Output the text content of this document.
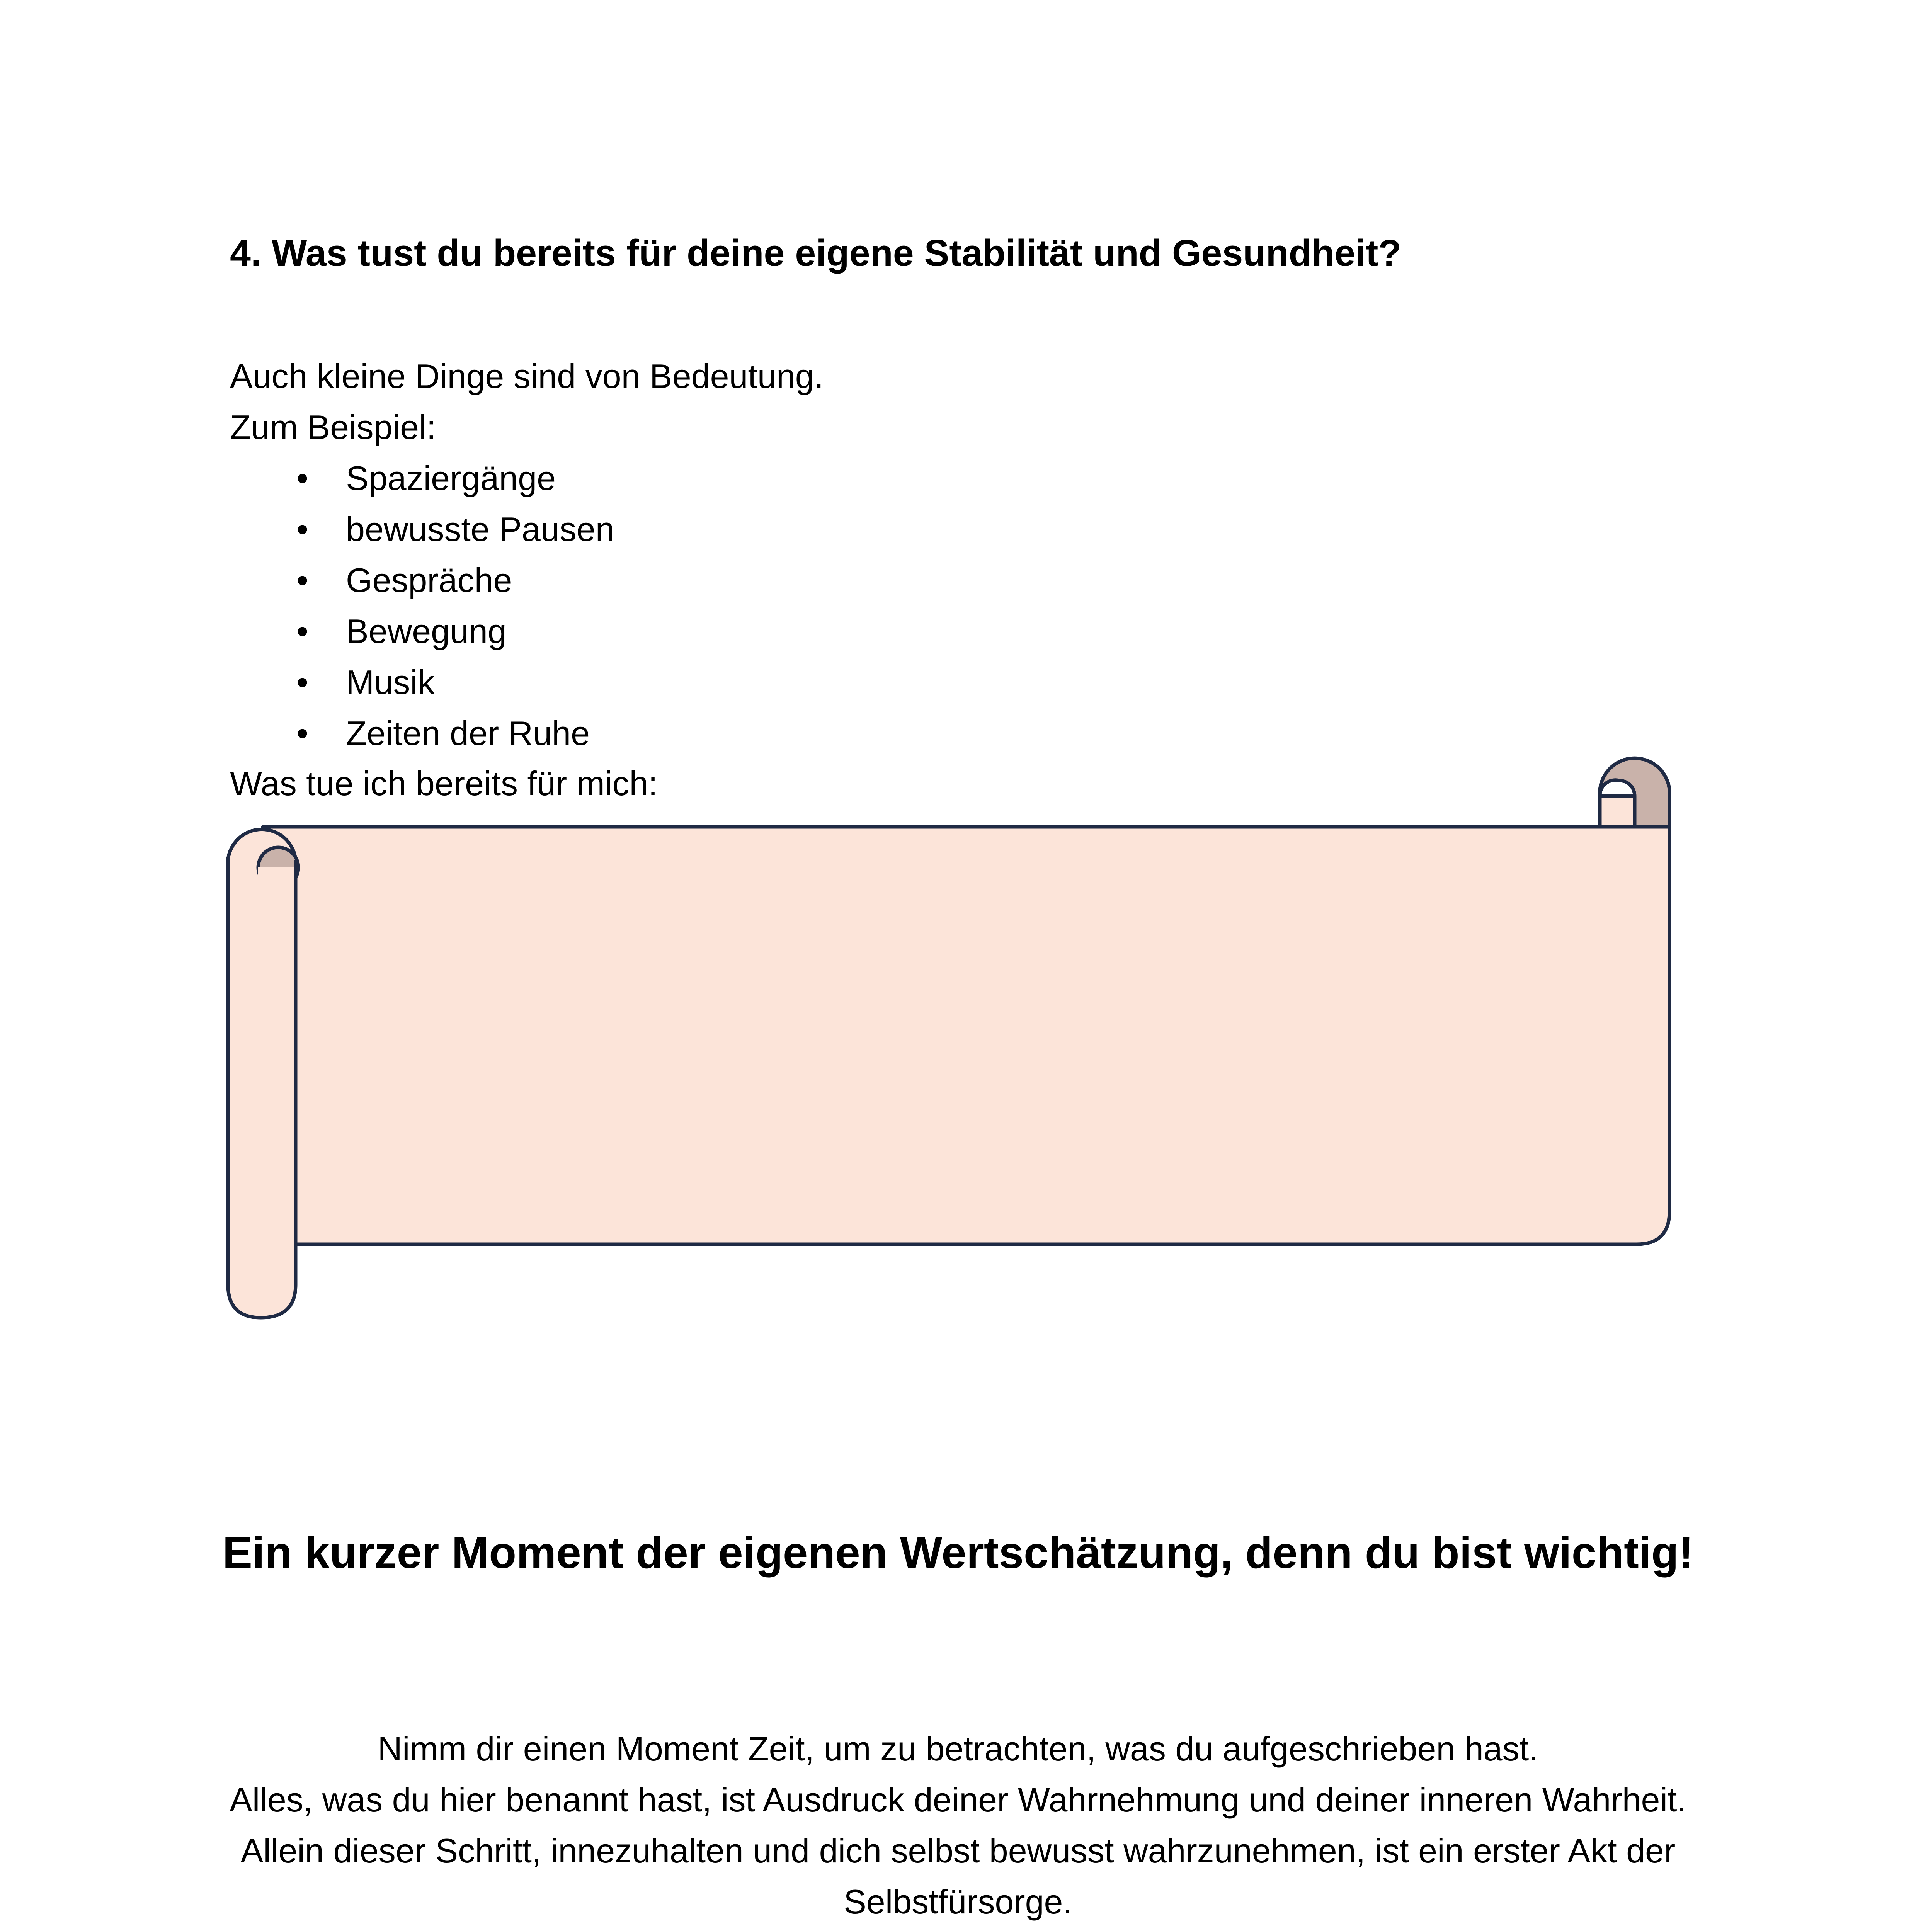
4. Was tust du bereits für deine eigene Stabilität und Gesundheit?

Auch kleine Dinge sind von Bedeutung.

Zum Beispiel:

• Spaziergänge
• bewusste Pausen
• Gespräche
• Bewegung
• Musik
• Zeiten der Ruhe
Was tue ich bereits für mich:
Ein kurzer Moment der eigenen Wertschätzung, denn du bist wichtig!

Nimm dir einen Moment Zeit, um zu betrachten, was du aufgeschrieben hast.

Alles, was du hier benannt hast, ist Ausdruck deiner Wahrnehmung und deiner inneren Wahrheit.

Allein dieser Schritt, innezuhalten und dich selbst bewusst wahrzunehmen, ist ein erster Akt der Selbstfürsorge.
